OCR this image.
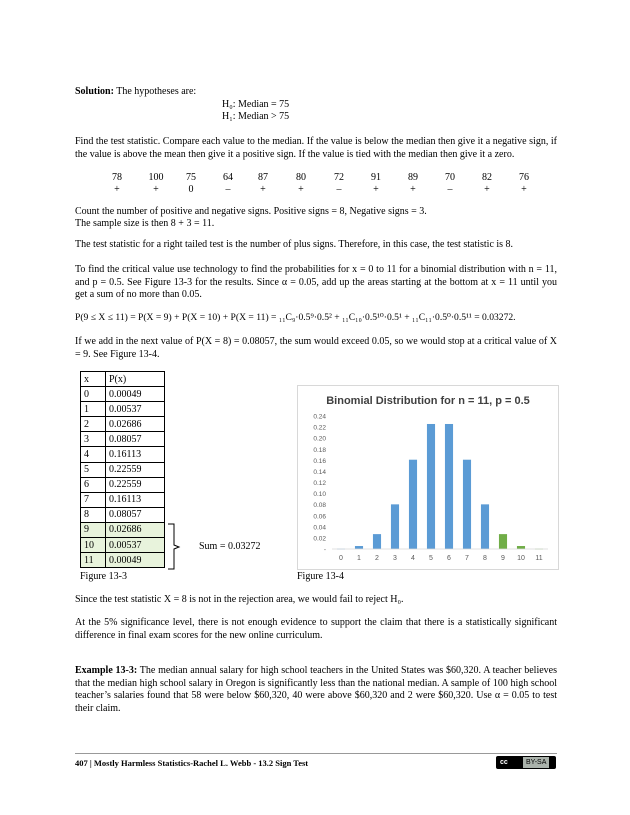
Solution: The hypotheses are:
H₀: Median = 75
H₁: Median > 75
Find the test statistic. Compare each value to the median. If the value is below the median then give it a negative sign, if the value is above the mean then give it a positive sign. If the value is tied with the median then give it a zero.
78	100	75	64	87	80	72	91	89	70	82	76
+	+	0	–	+	+	–	+	+	–	+	+
Count the number of positive and negative signs. Positive signs = 8, Negative signs = 3.
The sample size is then 8 + 3 = 11.
The test statistic for a right tailed test is the number of plus signs. Therefore, in this case, the test statistic is 8.
To find the critical value use technology to find the probabilities for x = 0 to 11 for a binomial distribution with n = 11, and p = 0.5. See Figure 13-3 for the results. Since α = 0.05, add up the areas starting at the bottom at x = 11 until you get a sum of no more than 0.05.
P(9 ≤ X ≤ 11) = P(X = 9) + P(X = 10) + P(X = 11) = ₁₁C₉·0.5⁹·0.5² + ₁₁C₁₀·0.5¹⁰·0.5¹ + ₁₁C₁₁·0.5⁰·0.5¹¹ = 0.03272.
If we add in the next value of P(X = 8) = 0.08057, the sum would exceed 0.05, so we would stop at a critical value of X = 9. See Figure 13-4.
x	P(x)
0	0.00049
1	0.00537
2	0.02686
3	0.08057
4	0.16113
5	0.22559
6	0.22559
7	0.16113
8	0.08057
9	0.02686
10	0.00537
11	0.00049
Sum = 0.03272
Figure 13-3
Binomial Distribution for n = 11, p = 0.5
-
0.02
0.04
0.06
0.08
0.10
0.12
0.14
0.16
0.18
0.20
0.22
0.24
0 1 2 3 4 5 6 7 8 9 10 11
Figure 13-4
Since the test statistic X = 8 is not in the rejection area, we would fail to reject H₀.
At the 5% significance level, there is not enough evidence to support the claim that there is a statistically significant difference in final exam scores for the new online curriculum.
Example 13-3: The median annual salary for high school teachers in the United States was $60,320. A teacher believes that the median high school salary in Oregon is significantly less than the national median. A sample of 100 high school teacher’s salaries found that 58 were below $60,320, 40 were above $60,320 and 2 were $60,320. Use α = 0.05 to test their claim.
407 | Mostly Harmless Statistics-Rachel L. Webb - 13.2 Sign Test	cc	BY-SA
